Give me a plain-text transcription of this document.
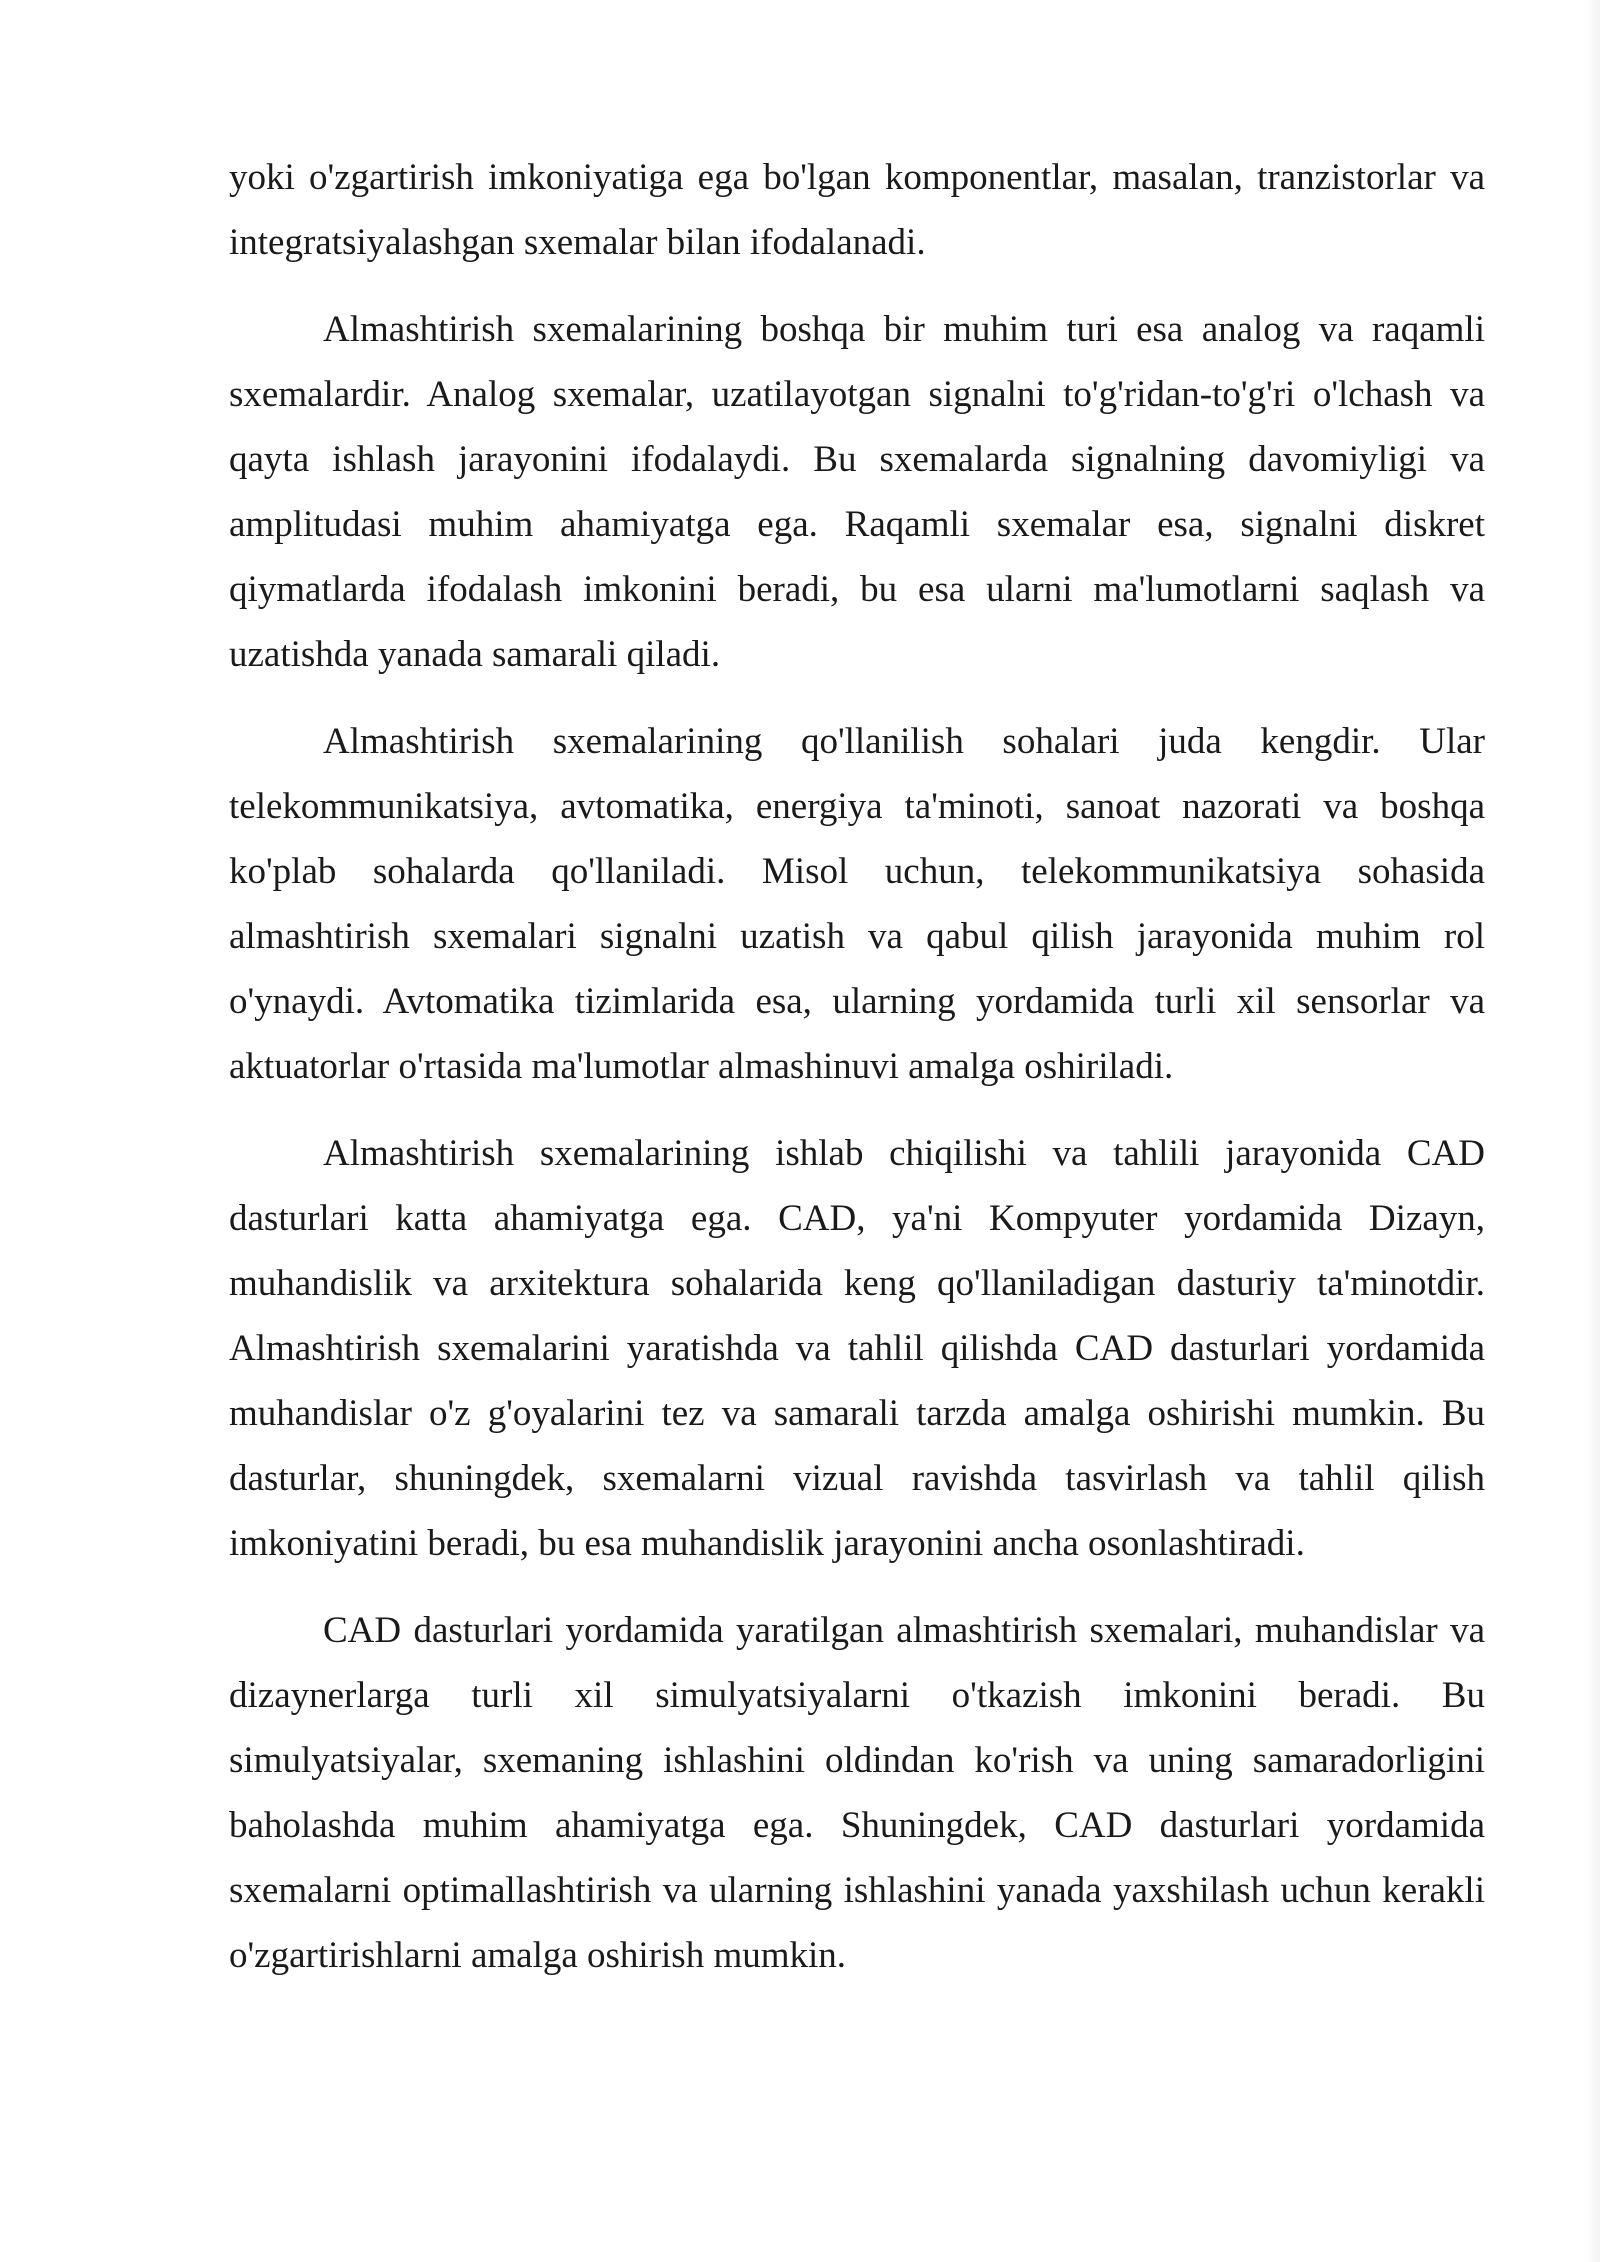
yoki o'zgartirish imkoniyatiga ega bo'lgan komponentlar, masalan, tranzistorlar va integratsiyalashgan sxemalar bilan ifodalanadi.

Almashtirish sxemalarining boshqa bir muhim turi esa analog va raqamli sxemalardir. Analog sxemalar, uzatilayotgan signalni to'g'ridan-to'g'ri o'lchash va qayta ishlash jarayonini ifodalaydi. Bu sxemalarda signalning davomiyligi va amplitudasi muhim ahamiyatga ega. Raqamli sxemalar esa, signalni diskret qiymatlarda ifodalash imkonini beradi, bu esa ularni ma'lumotlarni saqlash va uzatishda yanada samarali qiladi.

Almashtirish sxemalarining qo'llanilish sohalari juda kengdir. Ular telekommunikatsiya, avtomatika, energiya ta'minoti, sanoat nazorati va boshqa ko'plab sohalarda qo'llaniladi. Misol uchun, telekommunikatsiya sohasida almashtirish sxemalari signalni uzatish va qabul qilish jarayonida muhim rol o'ynaydi. Avtomatika tizimlarida esa, ularning yordamida turli xil sensorlar va aktuatorlar o'rtasida ma'lumotlar almashinuvi amalga oshiriladi.

Almashtirish sxemalarining ishlab chiqilishi va tahlili jarayonida CAD dasturlari katta ahamiyatga ega. CAD, ya'ni Kompyuter yordamida Dizayn, muhandislik va arxitektura sohalarida keng qo'llaniladigan dasturiy ta'minotdir. Almashtirish sxemalarini yaratishda va tahlil qilishda CAD dasturlari yordamida muhandislar o'z g'oyalarini tez va samarali tarzda amalga oshirishi mumkin. Bu dasturlar, shuningdek, sxemalarni vizual ravishda tasvirlash va tahlil qilish imkoniyatini beradi, bu esa muhandislik jarayonini ancha osonlashtiradi.

CAD dasturlari yordamida yaratilgan almashtirish sxemalari, muhandislar va dizaynerlarga turli xil simulyatsiyalarni o'tkazish imkonini beradi. Bu simulyatsiyalar, sxemaning ishlashini oldindan ko'rish va uning samaradorligini baholashda muhim ahamiyatga ega. Shuningdek, CAD dasturlari yordamida sxemalarni optimallashtirish va ularning ishlashini yanada yaxshilash uchun kerakli o'zgartirishlarni amalga oshirish mumkin.
